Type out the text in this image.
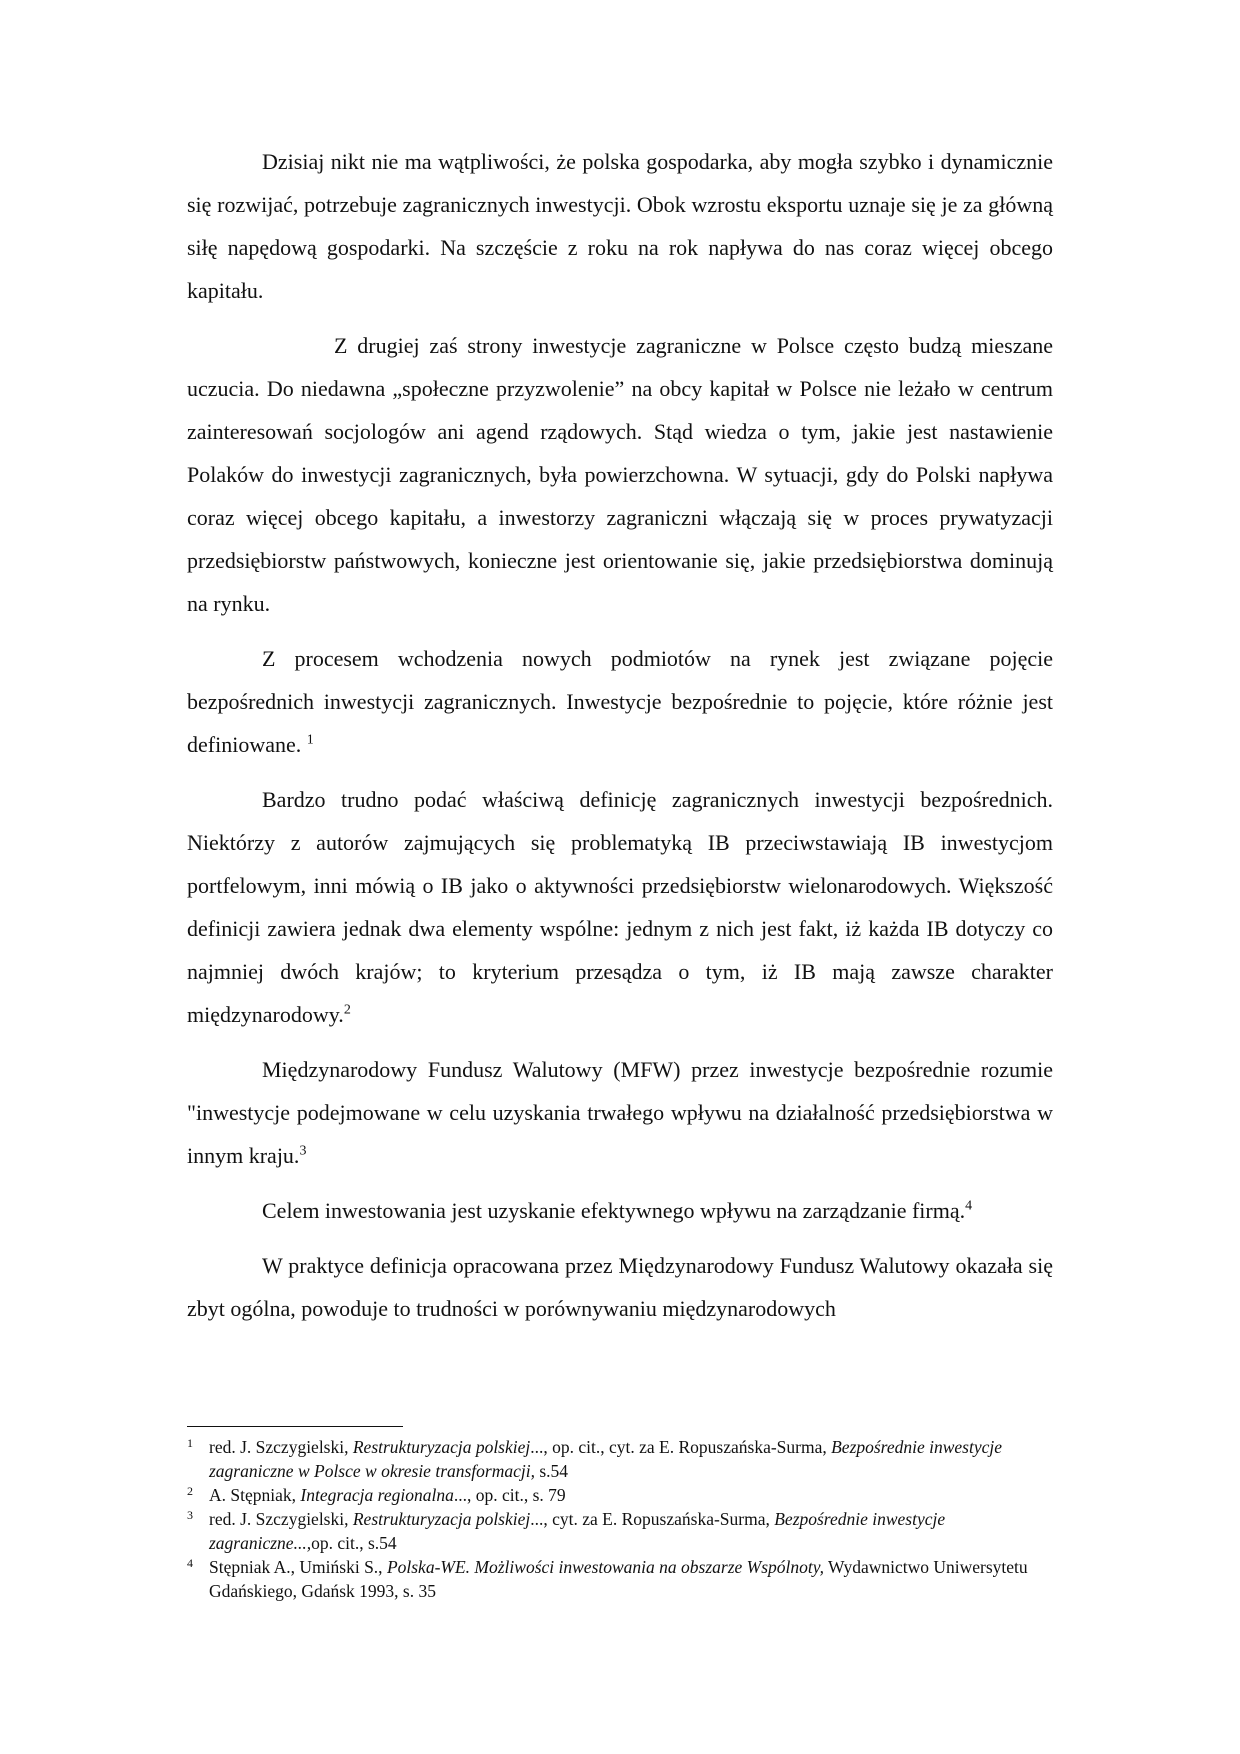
Dzisiaj nikt nie ma wątpliwości, że polska gospodarka, aby mogła szybko i dynamicznie się rozwijać, potrzebuje zagranicznych inwestycji. Obok wzrostu eksportu uznaje się je za główną siłę napędową gospodarki. Na szczęście z roku na rok napływa do nas coraz więcej obcego kapitału.

Z drugiej zaś strony inwestycje zagraniczne w Polsce często budzą mieszane uczucia. Do niedawna „społeczne przyzwolenie” na obcy kapitał w Polsce nie leżało w centrum zainteresowań socjologów ani agend rządowych. Stąd wiedza o tym, jakie jest nastawienie Polaków do inwestycji zagranicznych, była powierzchowna. W sytuacji, gdy do Polski napływa coraz więcej obcego kapitału, a inwestorzy zagraniczni włączają się w proces prywatyzacji przedsiębiorstw państwowych, konieczne jest orientowanie się, jakie przedsiębiorstwa dominują na rynku.

Z procesem wchodzenia nowych podmiotów na rynek jest związane pojęcie bezpośrednich inwestycji zagranicznych. Inwestycje bezpośrednie to pojęcie, które różnie jest definiowane. $^1$

Bardzo trudno podać właściwą definicję zagranicznych inwestycji bezpośrednich. Niektórzy z autorów zajmujących się problematyką IB przeciwstawiają IB inwestycjom portfelowym, inni mówią o IB jako o aktywności przedsiębiorstw wielonarodowych. Większość definicji zawiera jednak dwa elementy wspólne: jednym z nich jest fakt, iż każda IB dotyczy co najmniej dwóch krajów; to kryterium przesądza o tym, iż IB mają zawsze charakter międzynarodowy.$^2$

Międzynarodowy Fundusz Walutowy (MFW) przez inwestycje bezpośrednie rozumie "inwestycje podejmowane w celu uzyskania trwałego wpływu na działalność przedsiębiorstwa w innym kraju.$^3$

Celem inwestowania jest uzyskanie efektywnego wpływu na zarządzanie firmą.$^4$

W praktyce definicja opracowana przez Międzynarodowy Fundusz Walutowy okazała się zbyt ogólna, powoduje to trudności w porównywaniu międzynarodowych

1 red. J. Szczygielski, Restrukturyzacja polskiej..., op. cit., cyt. za E. Ropuszańska-Surma, Bezpośrednie inwestycje zagraniczne w Polsce w okresie transformacji, s.54
2 A. Stępniak, Integracja regionalna..., op. cit., s. 79
3 red. J. Szczygielski, Restrukturyzacja polskiej..., cyt. za E. Ropuszańska-Surma, Bezpośrednie inwestycje zagraniczne...,op. cit., s.54
4 Stępniak A., Umiński S., Polska-WE. Możliwości inwestowania na obszarze Wspólnoty, Wydawnictwo Uniwersytetu Gdańskiego, Gdańsk 1993, s. 35
